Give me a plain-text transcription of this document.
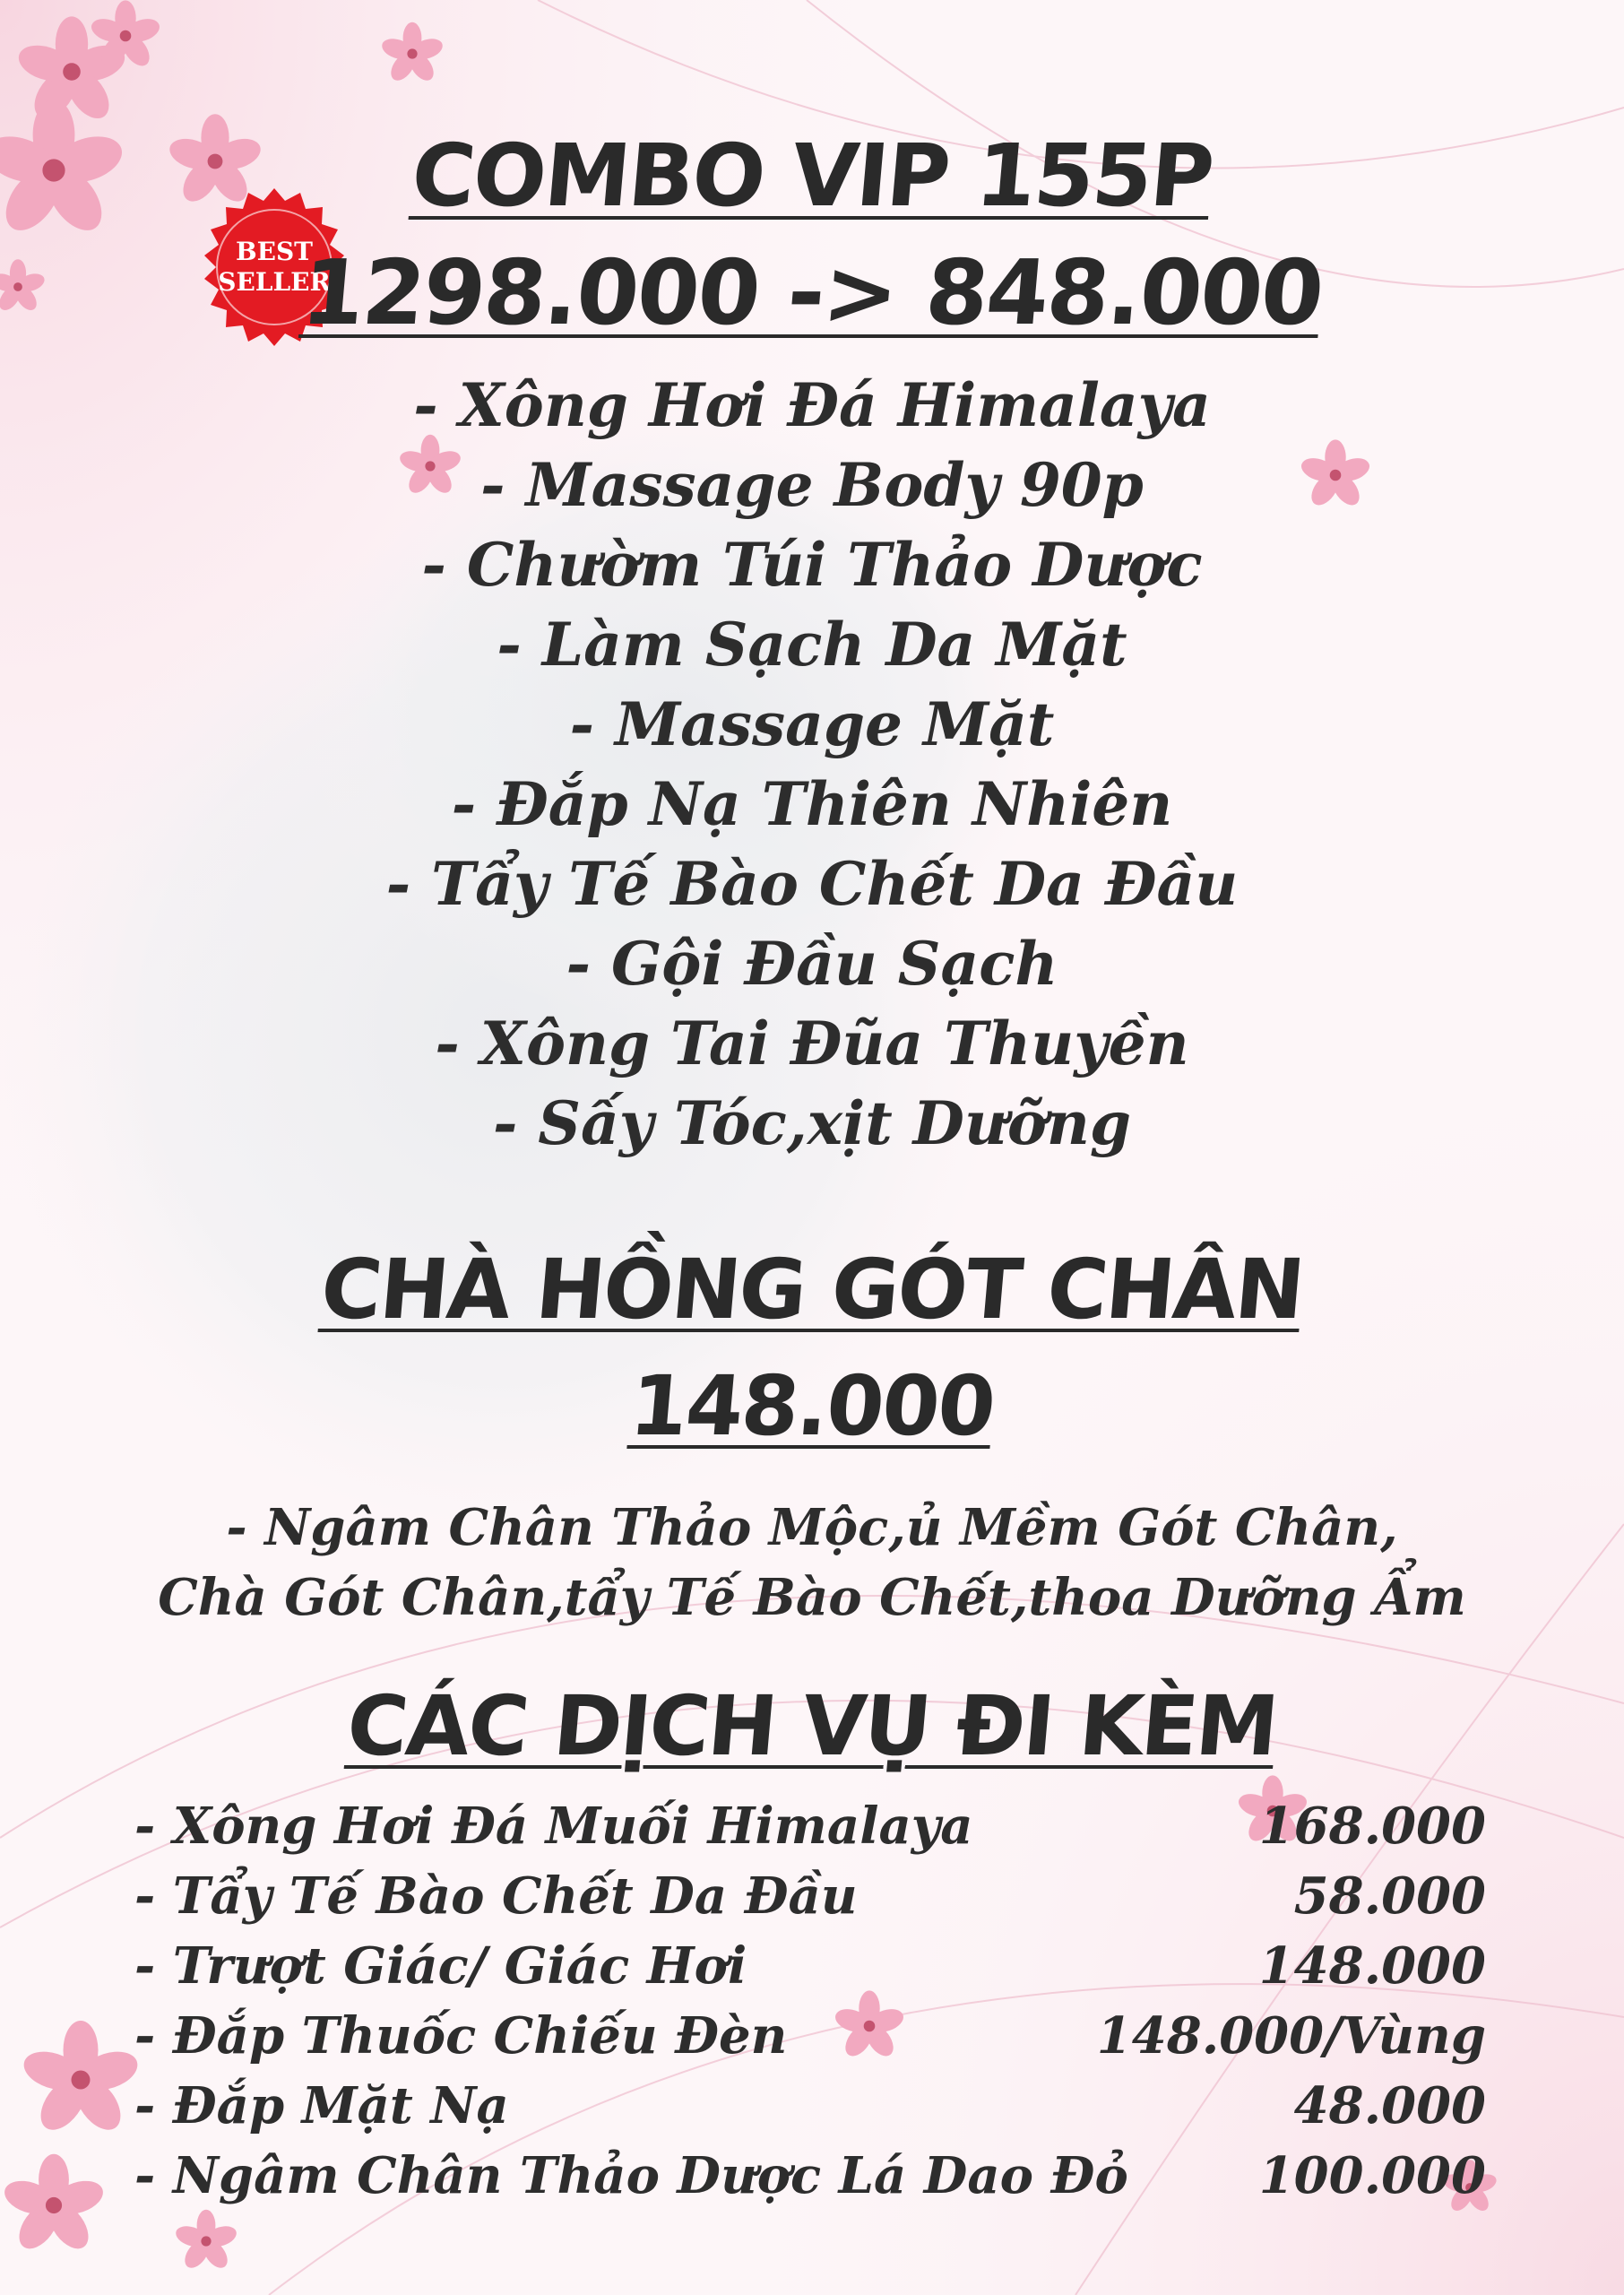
BEST
SELLER
COMBO VIP 155P
1298.000 -> 848.000
- Xông Hơi Đá Himalaya
- Massage Body 90p
- Chườm Túi Thảo Dược
- Làm Sạch Da Mặt
- Massage Mặt
- Đắp Nạ Thiên Nhiên
- Tẩy Tế Bào Chết Da Đầu
- Gội Đầu Sạch
- Xông Tai Đũa Thuyền
- Sấy Tóc,xịt Dưỡng
CHÀ HỒNG GÓT CHÂN
148.000
- Ngâm Chân Thảo Mộc,ủ Mềm Gót Chân,
Chà Gót Chân,tẩy Tế Bào Chết,thoa Dưỡng Ẩm
CÁC DỊCH VỤ ĐI KÈM
- Xông Hơi Đá Muối Himalaya	168.000
- Tẩy Tế Bào Chết Da Đầu	58.000
- Trượt Giác/ Giác Hơi	148.000
- Đắp Thuốc Chiếu Đèn	148.000/Vùng
- Đắp Mặt Nạ	48.000
- Ngâm Chân Thảo Dược Lá Dao Đỏ	100.000
